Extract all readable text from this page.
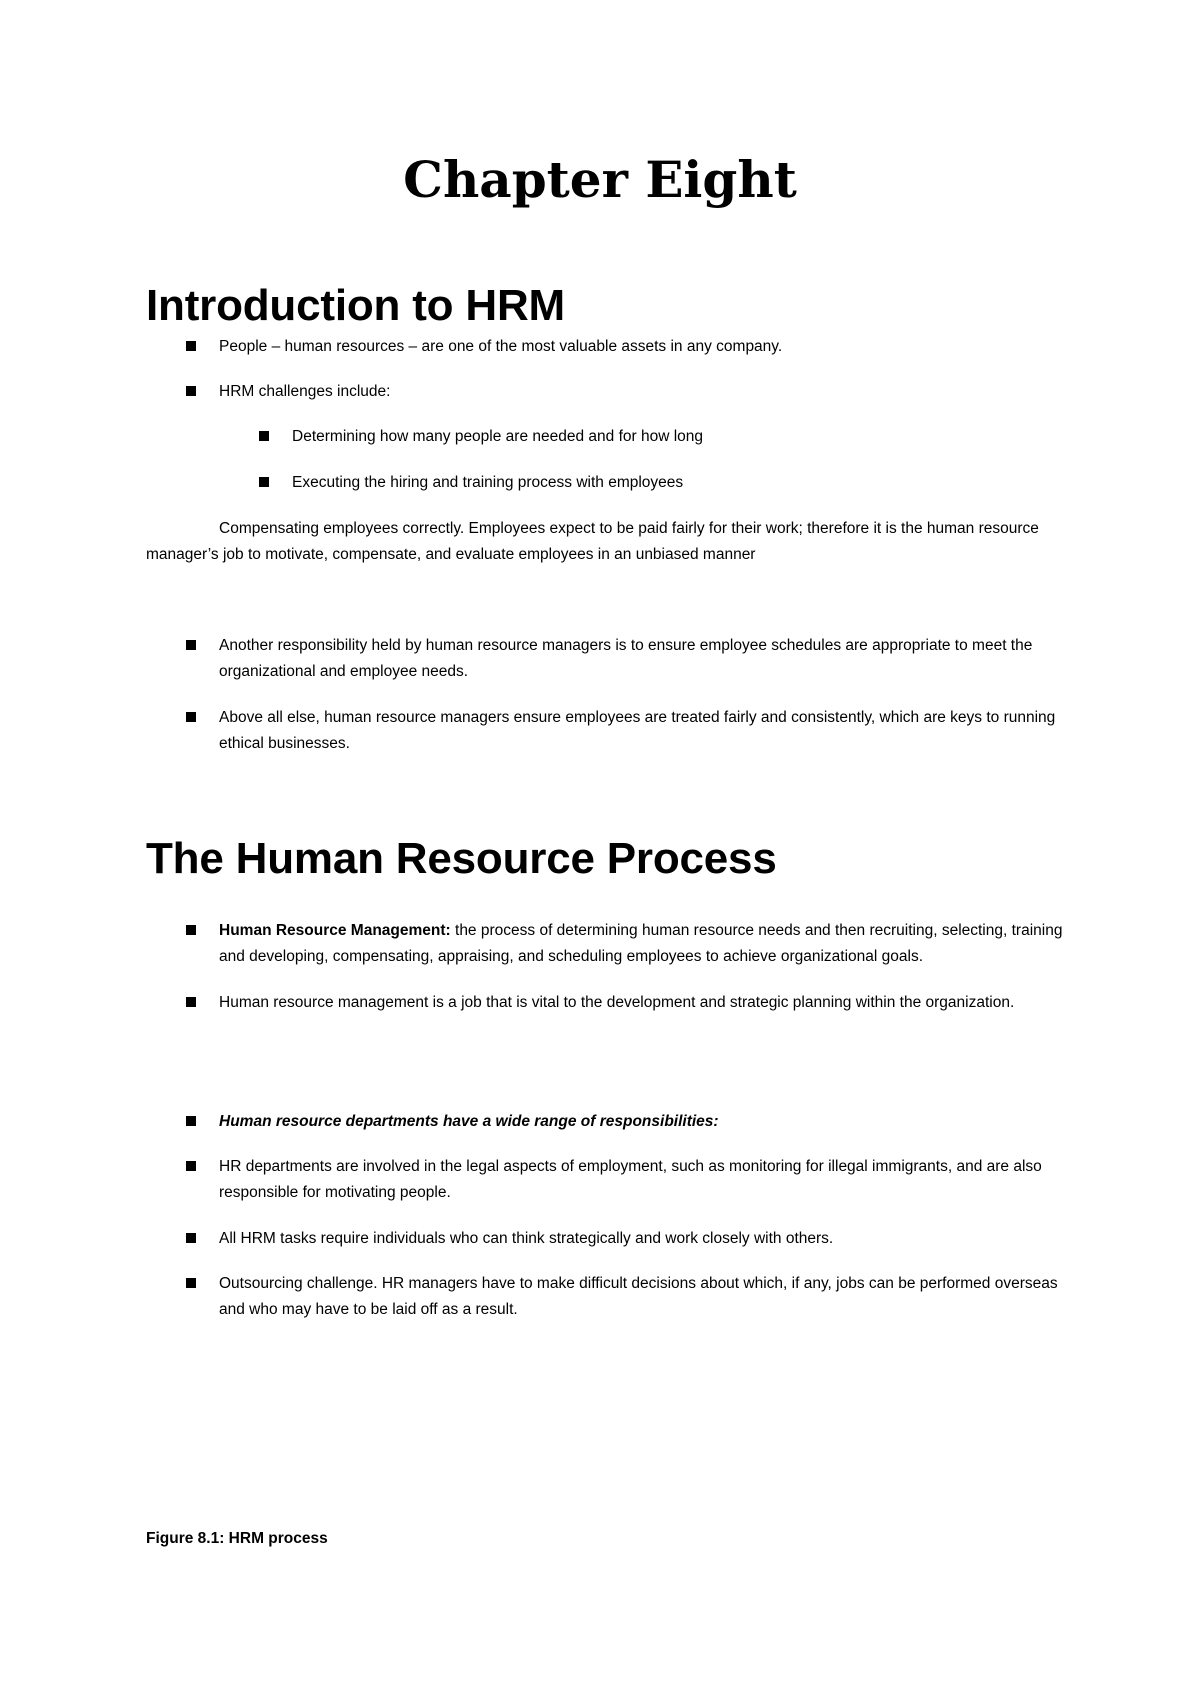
Chapter Eight
Introduction to HRM

People – human resources – are one of the most valuable assets in any company.

HRM challenges include:

Determining how many people are needed and for how long

Executing the hiring and training process with employees

Compensating employees correctly. Employees expect to be paid fairly for their work; therefore it is the human resource manager’s job to motivate, compensate, and evaluate employees in an unbiased manner

Another responsibility held by human resource managers is to ensure employee schedules are appropriate to meet the organizational and employee needs.

Above all else, human resource managers ensure employees are treated fairly and consistently, which are keys to running ethical businesses.

The Human Resource Process

Human Resource Management: the process of determining human resource needs and then recruiting, selecting, training and developing, compensating, appraising, and scheduling employees to achieve organizational goals.

Human resource management is a job that is vital to the development and strategic planning within the organization.

Human resource departments have a wide range of responsibilities:

HR departments are involved in the legal aspects of employment, such as monitoring for illegal immigrants, and are also responsible for motivating people.

All HRM tasks require individuals who can think strategically and work closely with others.

Outsourcing challenge. HR managers have to make difficult decisions about which, if any, jobs can be performed overseas and who may have to be laid off as a result.

Figure 8.1: HRM process
